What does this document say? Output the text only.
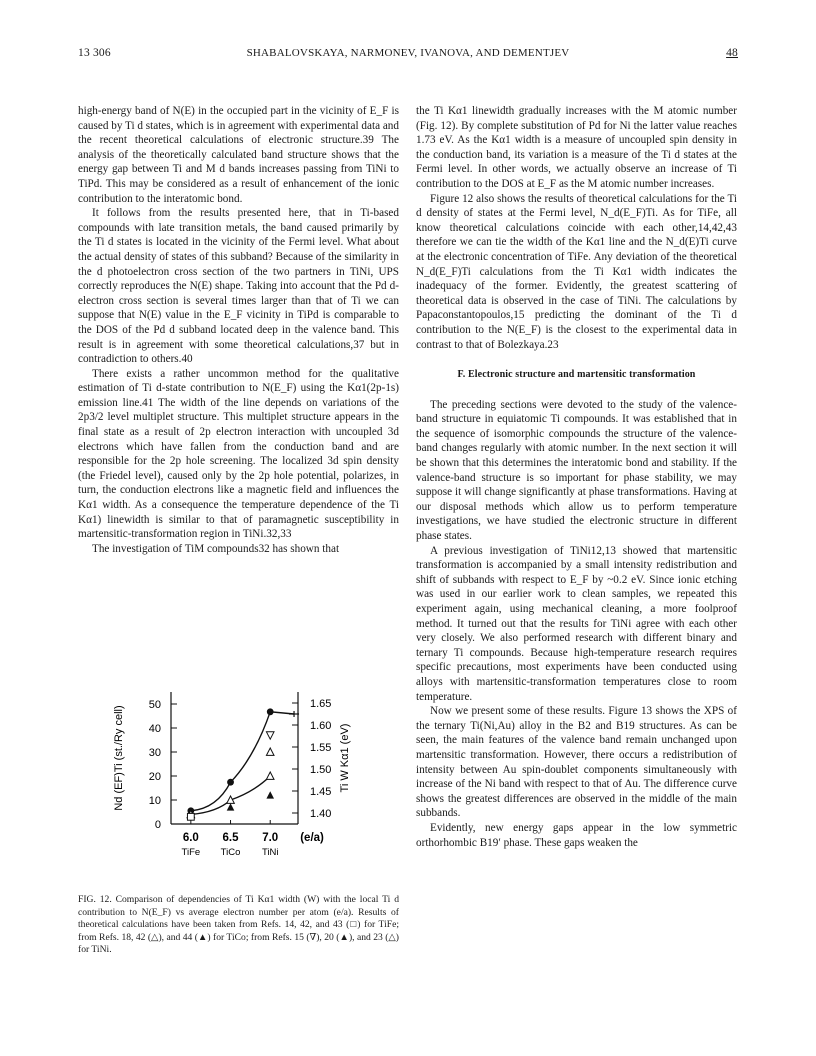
13 306	SHABALOVSKAYA, NARMONEV, IVANOVA, AND DEMENTJEV	48

high-energy band of N(E) in the occupied part in the vicinity of E_F is caused by Ti d states, which is in agreement with experimental data and the recent theoretical calculations of electronic structure.39 The analysis of the theoretically calculated band structure shows that the energy gap between Ti and M d bands increases passing from TiNi to TiPd. This may be considered as a result of enhancement of the ionic contribution to the interatomic bond.

It follows from the results presented here, that in Ti-based compounds with late transition metals, the band caused primarily by the Ti d states is located in the vicinity of the Fermi level. What about the actual density of states of this subband? Because of the similarity in the d photoelectron cross section of the two partners in TiNi, UPS correctly reproduces the N(E) shape. Taking into account that the Pd d-electron cross section is several times larger than that of Ti we can suppose that N(E) value in the E_F vicinity in TiPd is comparable to the DOS of the Pd d subband located deep in the valence band. This result is in agreement with some theoretical calculations,37 but in contradiction to others.40

There exists a rather uncommon method for the qualitative estimation of Ti d-state contribution to N(E_F) using the Kα1(2p-1s) emission line.41 The width of the line depends on variations of the 2p3/2 level multiplet structure. This multiplet structure appears in the final state as a result of 2p electron interaction with uncoupled 3d electrons which have fallen from the conduction band and are responsible for the 2p hole screening. The localized 3d spin density (the Friedel level), caused only by the 2p hole potential, polarizes, in turn, the conduction electrons like a magnetic field and influences the Kα1 width. As a consequence the temperature dependence of the Ti Kα1) linewidth is similar to that of paramagnetic susceptibility in martensitic-transformation region in TiNi.32,33

The investigation of TiM compounds32 has shown that

0
10
20
30
40
50
1.40
1.45
1.50
1.55
1.60
1.65
6.0
TiFe
6.5
TiCo
7.0
TiNi
(e/a)
Nd (EF)Ti (st./Ry cell)	Ti W Kα1 (eV)
FIG. 12. Comparison of dependencies of Ti Kα1 width (W) with the local Ti d contribution to N(E_F) vs average electron number per atom (e/a). Results of theoretical calculations have been taken from Refs. 14, 42, and 43 (□) for TiFe; from Refs. 18, 42 (△), and 44 (▲) for TiCo; from Refs. 15 (∇), 20 (▲), and 23 (△) for TiNi.

the Ti Kα1 linewidth gradually increases with the M atomic number (Fig. 12). By complete substitution of Pd for Ni the latter value reaches 1.73 eV. As the Kα1 width is a measure of uncoupled spin density in the conduction band, its variation is a measure of the Ti d states at the Fermi level. In other words, we actually observe an increase of Ti contribution to the DOS at E_F as the M atomic number increases.

Figure 12 also shows the results of theoretical calculations for the Ti d density of states at the Fermi level, N_d(E_F)Ti. As for TiFe, all know theoretical calculations coincide with each other,14,42,43 therefore we can tie the width of the Kα1 line and the N_d(E)Ti curve at the electronic concentration of TiFe. Any deviation of the theoretical N_d(E_F)Ti calculations from the Ti Kα1 width indicates the inadequacy of the former. Evidently, the greatest scattering of theoretical data is observed in the case of TiNi. The calculations by Papaconstantopoulos,15 predicting the dominant of the Ti d contribution to the N(E_F) is the closest to the experimental data in contrast to that of Bolezkaya.23

F. Electronic structure and martensitic transformation

The preceding sections were devoted to the study of the valence-band structure in equiatomic Ti compounds. It was established that in the sequence of isomorphic compounds the structure of the valence-band changes regularly with atomic number. In the next section it will be shown that this determines the interatomic bond and stability. If the valence-band structure is so important for phase stability, we may suppose it will change significantly at phase transformations. Having at our disposal methods which allow us to perform temperature investigations, we have studied the electronic structure in different phase states.

A previous investigation of TiNi12,13 showed that martensitic transformation is accompanied by a small intensity redistribution and shift of subbands with respect to E_F by ~0.2 eV. Since ionic etching was used in our earlier work to clean samples, we repeated this experiment again, using mechanical cleaning, a more foolproof method. It turned out that the results for TiNi agree with each other very closely. We also performed research with different binary and ternary Ti compounds. Because high-temperature research requires specific precautions, most experiments have been conducted using alloys with martensitic-transformation temperatures close to room temperature.

Now we present some of these results. Figure 13 shows the XPS of the ternary Ti(Ni,Au) alloy in the B2 and B19 structures. As can be seen, the main features of the valence band remain unchanged upon martensitic transformation. However, there occurs a redistribution of intensity between Au spin-doublet components simultaneously with increase of the Ni band with respect to that of Au. The difference curve shows the greatest differences are observed in the middle of the main subbands.

Evidently, new energy gaps appear in the low symmetric orthorhombic B19′ phase. These gaps weaken the
